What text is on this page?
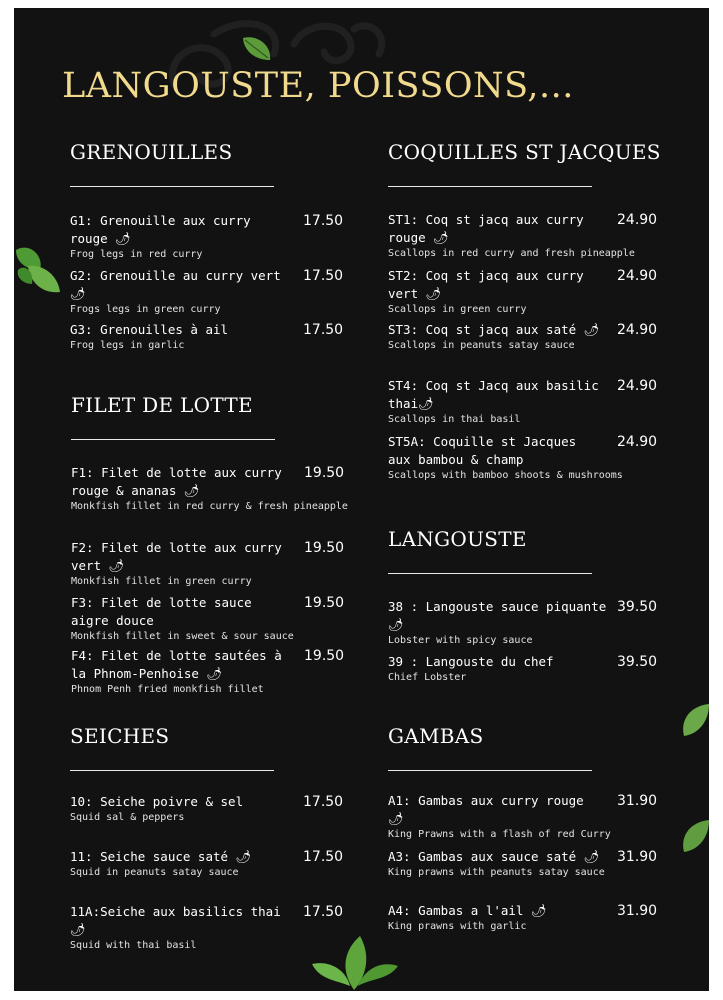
LANGOUSTE, POISSONS,...
GRENOUILLES
G1: Grenouille aux curry rouge 🌶
Frog legs in red curry
17.50
G2: Grenouille au curry vert 🌶
Frogs legs in green curry
17.50
G3: Grenouilles à ail
Frog legs in garlic
17.50
FILET DE LOTTE
F1: Filet de lotte aux curry rouge & ananas 🌶
Monkfish fillet in red curry & fresh pineapple
19.50
F2: Filet de lotte aux curry vert 🌶
Monkfish fillet in green curry
19.50
F3: Filet de lotte sauce aigre douce
Monkfish fillet in sweet & sour sauce
19.50
F4: Filet de lotte sautées à la Phnom-Penhoise 🌶
Phnom Penh fried monkfish fillet
19.50
SEICHES
10: Seiche poivre & sel
Squid sal & peppers
17.50
11: Seiche sauce saté 🌶
Squid in peanuts satay sauce
17.50
11A:Seiche aux basilics thai 🌶
Squid with thai basil
17.50
COQUILLES ST JACQUES
ST1: Coq st jacq aux curry rouge 🌶
Scallops in red curry and fresh pineapple
24.90
ST2: Coq st jacq aux curry vert 🌶
Scallops in green curry
24.90
ST3: Coq st jacq aux saté 🌶
Scallops in peanuts satay sauce
24.90
ST4: Coq st Jacq aux basilic thai🌶
Scallops in thai basil
24.90
ST5A: Coquille st Jacques aux bambou & champ
Scallops with bamboo shoots & mushrooms
24.90
LANGOUSTE
38 : Langouste sauce piquante🌶
Lobster with spicy sauce
39.50
39 : Langouste du chef
Chief Lobster
39.50
GAMBAS
A1: Gambas aux curry rouge 🌶
King Prawns with a flash of red Curry
31.90
A3: Gambas aux sauce saté 🌶
King prawns with peanuts satay sauce
31.90
A4: Gambas a l'ail 🌶
King prawns with garlic
31.90
